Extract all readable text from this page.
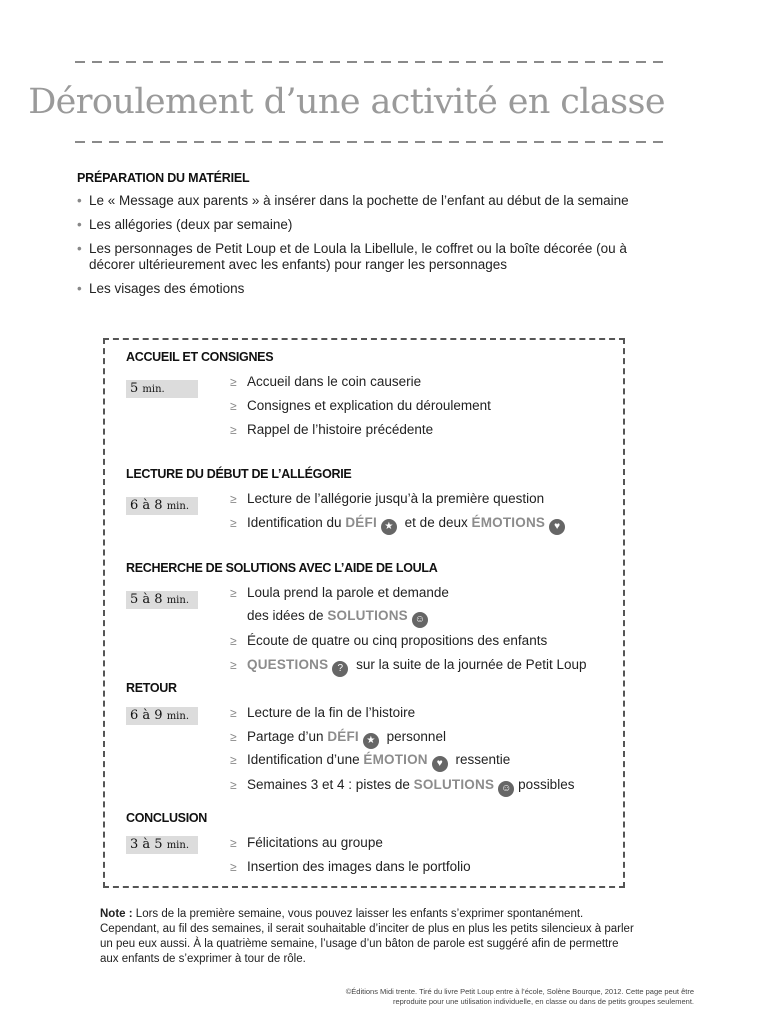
Déroulement d’une activité en classe
PRÉPARATION DU MATÉRIEL
• Le « Message aux parents » à insérer dans la pochette de l’enfant au début de la semaine
• Les allégories (deux par semaine)
• Les personnages de Petit Loup et de Loula la Libellule, le coffret ou la boîte décorée (ou à décorer ultérieurement avec les enfants) pour ranger les personnages
• Les visages des émotions
ACCUEIL ET CONSIGNES
5 min.
≥ Accueil dans le coin causerie
≥ Consignes et explication du déroulement
≥ Rappel de l’histoire précédente
LECTURE DU DÉBUT DE L’ALLÉGORIE
6 à 8 min.
≥ Lecture de l’allégorie jusqu’à la première question
≥ Identification du DÉFI ★ et de deux ÉMOTIONS ♥
RECHERCHE DE SOLUTIONS AVEC L’AIDE DE LOULA
5 à 8 min.
≥ Loula prend la parole et demande
des idées de SOLUTIONS ☺
≥ Écoute de quatre ou cinq propositions des enfants
≥ QUESTIONS ? sur la suite de la journée de Petit Loup
RETOUR
6 à 9 min.	≥ Lecture de la fin de l’histoire
≥ Partage d’un DÉFI ★ personnel
≥ Identification d’une ÉMOTION ♥ ressentie
≥ Semaines 3 et 4 : pistes de SOLUTIONS ☺ possibles
CONCLUSION
3 à 5 min.	≥ Félicitations au groupe
≥ Insertion des images dans le portfolio
Note : Lors de la première semaine, vous pouvez laisser les enfants s’exprimer spontanément. Cependant, au fil des semaines, il serait souhaitable d’inciter de plus en plus les petits silencieux à parler un peu eux aussi. À la quatrième semaine, l’usage d’un bâton de parole est suggéré afin de permettre aux enfants de s’exprimer à tour de rôle.
©Éditions Midi trente. Tiré du livre Petit Loup entre à l’école, Solène Bourque, 2012. Cette page peut être
reproduite pour une utilisation individuelle, en classe ou dans de petits groupes seulement.
